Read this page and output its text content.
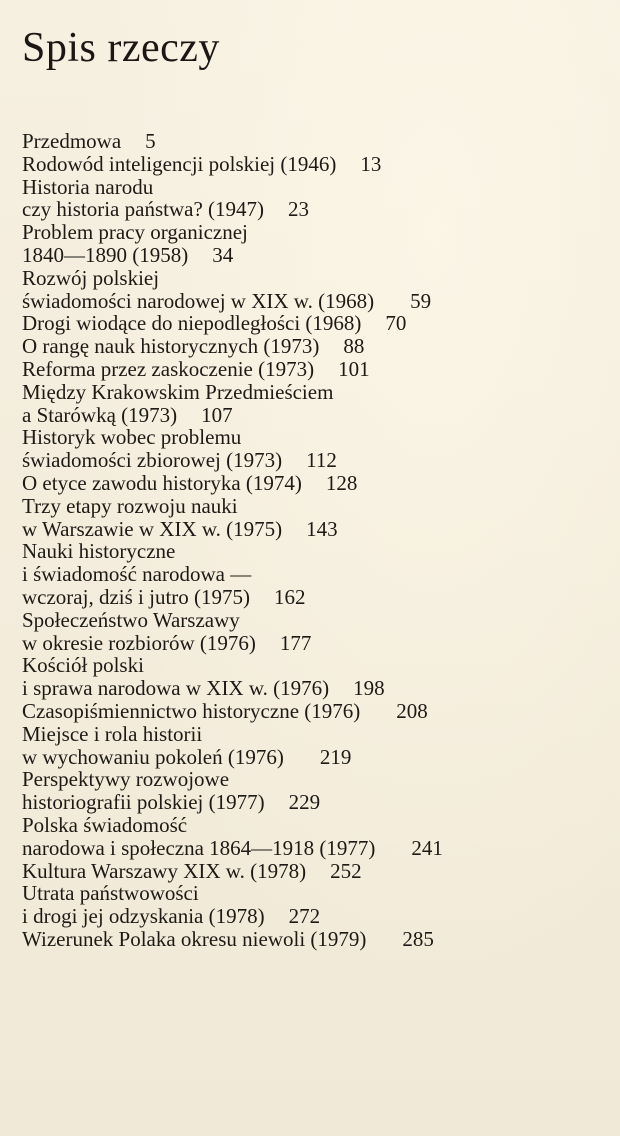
Spis rzeczy
Przedmowa 5
Rodowód inteligencji polskiej (1946) 13
Historia narodu
czy historia państwa? (1947) 23
Problem pracy organicznej
1840—1890 (1958) 34
Rozwój polskiej
świadomości narodowej w XIX w. (1968) 59
Drogi wiodące do niepodległości (1968) 70
O rangę nauk historycznych (1973) 88
Reforma przez zaskoczenie (1973) 101
Między Krakowskim Przedmieściem
a Starówką (1973) 107
Historyk wobec problemu
świadomości zbiorowej (1973) 112
O etyce zawodu historyka (1974) 128
Trzy etapy rozwoju nauki
w Warszawie w XIX w. (1975) 143
Nauki historyczne
i świadomość narodowa —
wczoraj, dziś i jutro (1975) 162
Społeczeństwo Warszawy
w okresie rozbiorów (1976) 177
Kościół polski
i sprawa narodowa w XIX w. (1976) 198
Czasopiśmiennictwo historyczne (1976) 208
Miejsce i rola historii
w wychowaniu pokoleń (1976) 219
Perspektywy rozwojowe
historiografii polskiej (1977) 229
Polska świadomość
narodowa i społeczna 1864—1918 (1977) 241
Kultura Warszawy XIX w. (1978) 252
Utrata państwowości
i drogi jej odzyskania (1978) 272
Wizerunek Polaka okresu niewoli (1979) 285
